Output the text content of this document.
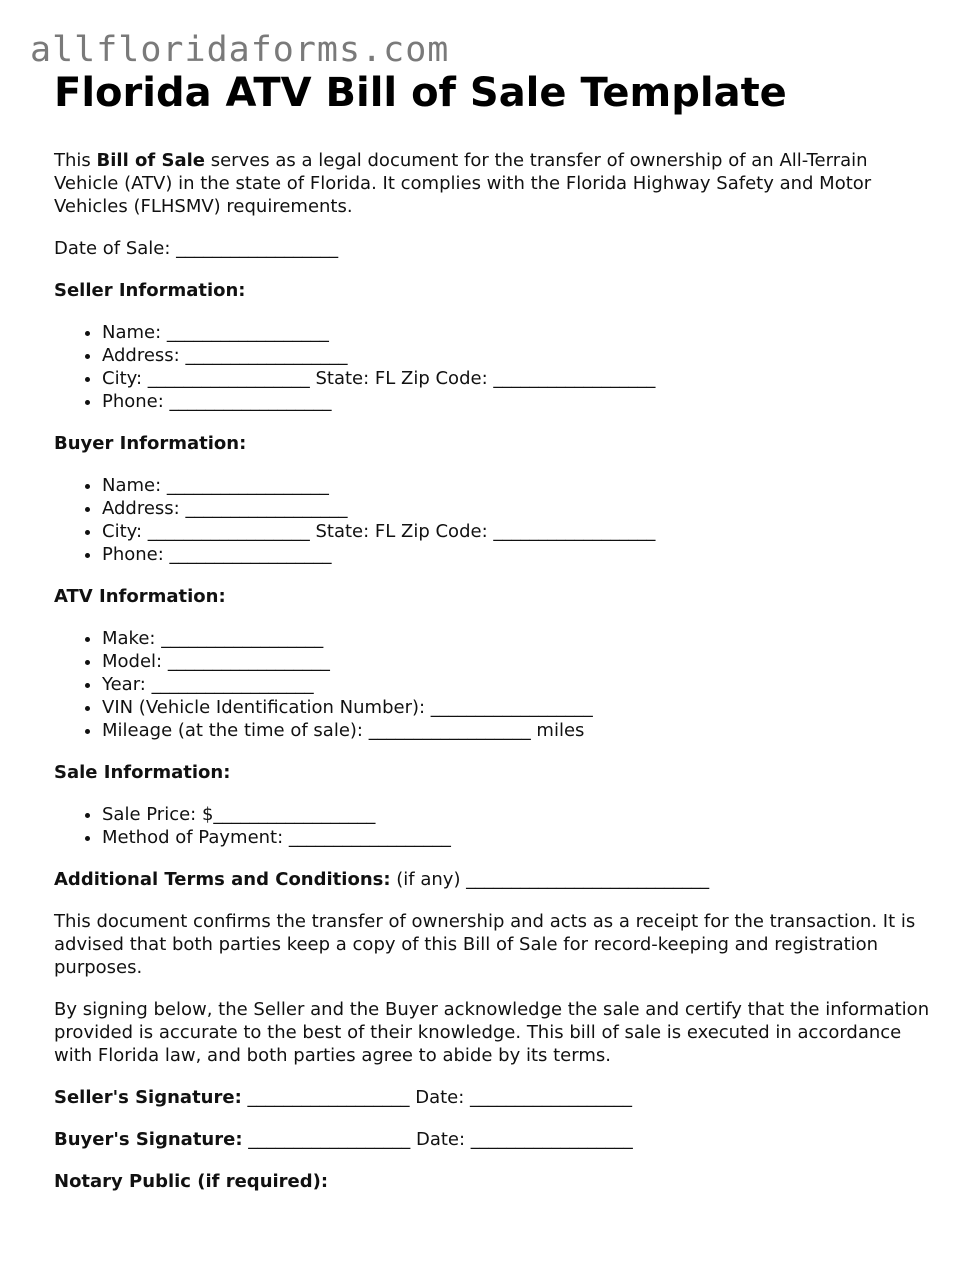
allfloridaforms.com
Florida ATV Bill of Sale Template

This Bill of Sale serves as a legal document for the transfer of ownership of an All-Terrain Vehicle (ATV) in the state of Florida. It complies with the Florida Highway Safety and Motor Vehicles (FLHSMV) requirements.

Date of Sale: __________________

Seller Information:

• Name: __________________
• Address: __________________
• City: __________________ State: FL Zip Code: __________________
• Phone: __________________

Buyer Information:

• Name: __________________
• Address: __________________
• City: __________________ State: FL Zip Code: __________________
• Phone: __________________

ATV Information:

• Make: __________________
• Model: __________________
• Year: __________________
• VIN (Vehicle Identification Number): __________________
• Mileage (at the time of sale): __________________ miles

Sale Information:

• Sale Price: $__________________
• Method of Payment: __________________

Additional Terms and Conditions: (if any) ___________________________

This document confirms the transfer of ownership and acts as a receipt for the transaction. It is advised that both parties keep a copy of this Bill of Sale for record-keeping and registration purposes.

By signing below, the Seller and the Buyer acknowledge the sale and certify that the information provided is accurate to the best of their knowledge. This bill of sale is executed in accordance with Florida law, and both parties agree to abide by its terms.

Seller's Signature: __________________ Date: __________________

Buyer's Signature: __________________ Date: __________________

Notary Public (if required):
